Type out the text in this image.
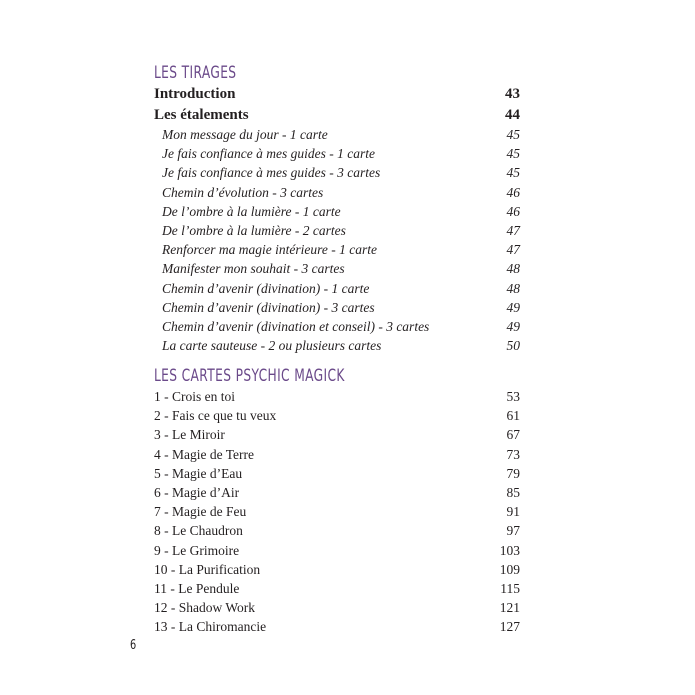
LES TIRAGES
Introduction	43
Les étalements	44
Mon message du jour - 1 carte	45
Je fais confiance à mes guides - 1 carte	45
Je fais confiance à mes guides - 3 cartes	45
Chemin d’évolution - 3 cartes	46
De l’ombre à la lumière - 1 carte	46
De l’ombre à la lumière - 2 cartes	47
Renforcer ma magie intérieure - 1 carte	47
Manifester mon souhait - 3 cartes	48
Chemin d’avenir (divination) - 1 carte	48
Chemin d’avenir (divination) - 3 cartes	49
Chemin d’avenir (divination et conseil) - 3 cartes	49
La carte sauteuse - 2 ou plusieurs cartes	50
LES CARTES PSYCHIC MAGICK
1 - Crois en toi	53
2 - Fais ce que tu veux	61
3 - Le Miroir	67
4 - Magie de Terre	73
5 - Magie d’Eau	79
6 - Magie d’Air	85
7 - Magie de Feu	91
8 - Le Chaudron	97
9 - Le Grimoire	103
10 - La Purification	109
11 - Le Pendule	115
12 - Shadow Work	121
13 - La Chiromancie	127
6
